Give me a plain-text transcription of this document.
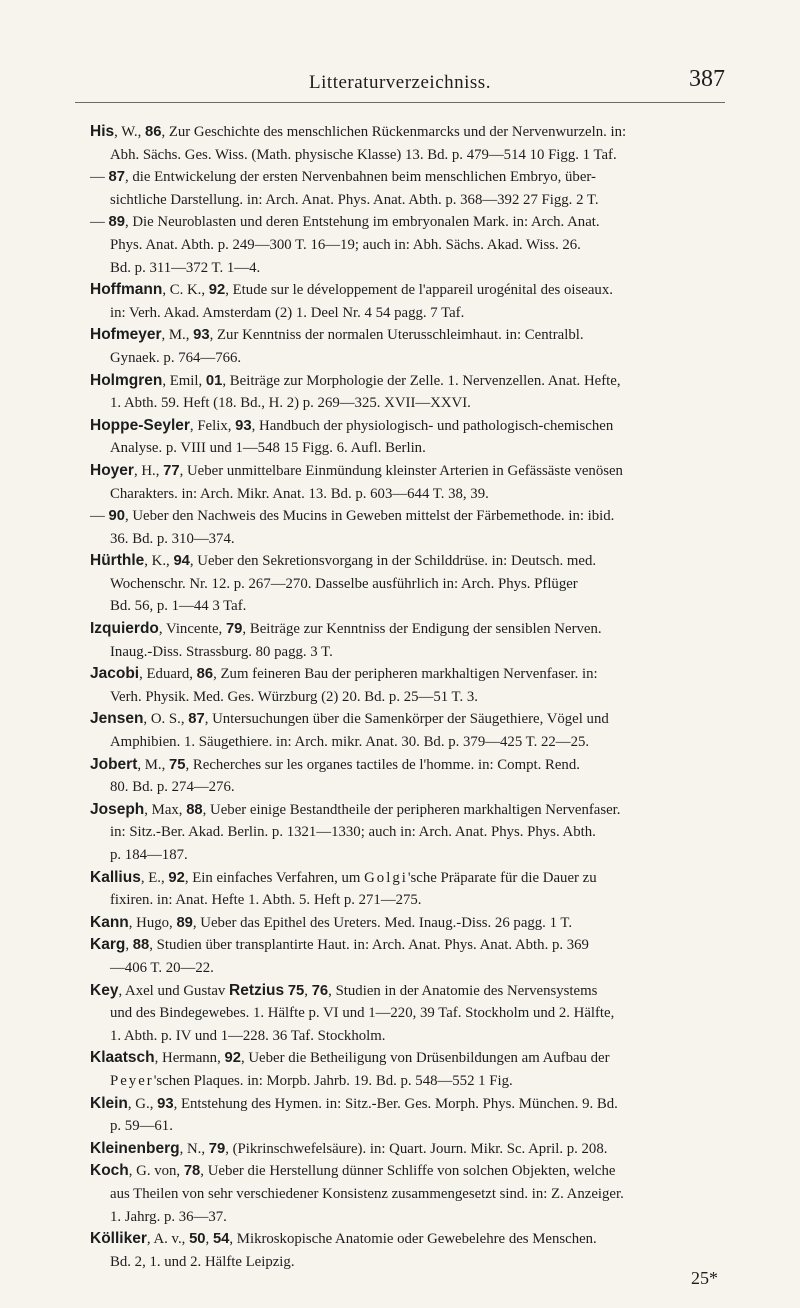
Litteraturverzeichniss.	387
His, W., 86, Zur Geschichte des menschlichen Rückenmarcks und der Nervenwurzeln. in:
Abh. Sächs. Ges. Wiss. (Math. physische Klasse) 13. Bd. p. 479—514 10 Figg. 1 Taf.
— 87, die Entwickelung der ersten Nervenbahnen beim menschlichen Embryo, über-
sichtliche Darstellung. in: Arch. Anat. Phys. Anat. Abth. p. 368—392 27 Figg. 2 T.
— 89, Die Neuroblasten und deren Entstehung im embryonalen Mark. in: Arch. Anat.
Phys. Anat. Abth. p. 249—300 T. 16—19; auch in: Abh. Sächs. Akad. Wiss. 26.
Bd. p. 311—372 T. 1—4.
Hoffmann, C. K., 92, Etude sur le développement de l'appareil urogénital des oiseaux.
in: Verh. Akad. Amsterdam (2) 1. Deel Nr. 4 54 pagg. 7 Taf.
Hofmeyer, M., 93, Zur Kenntniss der normalen Uterusschleimhaut. in: Centralbl.
Gynaek. p. 764—766.
Holmgren, Emil, 01, Beiträge zur Morphologie der Zelle. 1. Nervenzellen. Anat. Hefte,
1. Abth. 59. Heft (18. Bd., H. 2) p. 269—325. XVII—XXVI.
Hoppe-Seyler, Felix, 93, Handbuch der physiologisch- und pathologisch-chemischen
Analyse. p. VIII und 1—548 15 Figg. 6. Aufl. Berlin.
Hoyer, H., 77, Ueber unmittelbare Einmündung kleinster Arterien in Gefässäste venösen
Charakters. in: Arch. Mikr. Anat. 13. Bd. p. 603—644 T. 38, 39.
— 90, Ueber den Nachweis des Mucins in Geweben mittelst der Färbemethode. in: ibid.
36. Bd. p. 310—374.
Hürthle, K., 94, Ueber den Sekretionsvorgang in der Schilddrüse. in: Deutsch. med.
Wochenschr. Nr. 12. p. 267—270. Dasselbe ausführlich in: Arch. Phys. Pflüger
Bd. 56, p. 1—44 3 Taf.
Izquierdo, Vincente, 79, Beiträge zur Kenntniss der Endigung der sensiblen Nerven.
Inaug.-Diss. Strassburg. 80 pagg. 3 T.
Jacobi, Eduard, 86, Zum feineren Bau der peripheren markhaltigen Nervenfaser. in:
Verh. Physik. Med. Ges. Würzburg (2) 20. Bd. p. 25—51 T. 3.
Jensen, O. S., 87, Untersuchungen über die Samenkörper der Säugethiere, Vögel und
Amphibien. 1. Säugethiere. in: Arch. mikr. Anat. 30. Bd. p. 379—425 T. 22—25.
Jobert, M., 75, Recherches sur les organes tactiles de l'homme. in: Compt. Rend.
80. Bd. p. 274—276.
Joseph, Max, 88, Ueber einige Bestandtheile der peripheren markhaltigen Nervenfaser.
in: Sitz.-Ber. Akad. Berlin. p. 1321—1330; auch in: Arch. Anat. Phys. Phys. Abth.
p. 184—187.
Kallius, E., 92, Ein einfaches Verfahren, um Golgi'sche Präparate für die Dauer zu
fixiren. in: Anat. Hefte 1. Abth. 5. Heft p. 271—275.
Kann, Hugo, 89, Ueber das Epithel des Ureters. Med. Inaug.-Diss. 26 pagg. 1 T.
Karg, 88, Studien über transplantirte Haut. in: Arch. Anat. Phys. Anat. Abth. p. 369
—406 T. 20—22.
Key, Axel und Gustav Retzius 75, 76, Studien in der Anatomie des Nervensystems
und des Bindegewebes. 1. Hälfte p. VI und 1—220, 39 Taf. Stockholm und 2. Hälfte,
1. Abth. p. IV und 1—228. 36 Taf. Stockholm.
Klaatsch, Hermann, 92, Ueber die Betheiligung von Drüsenbildungen am Aufbau der
Peyer'schen Plaques. in: Morpb. Jahrb. 19. Bd. p. 548—552 1 Fig.
Klein, G., 93, Entstehung des Hymen. in: Sitz.-Ber. Ges. Morph. Phys. München. 9. Bd.
p. 59—61.
Kleinenberg, N., 79, (Pikrinschwefelsäure). in: Quart. Journ. Mikr. Sc. April. p. 208.
Koch, G. von, 78, Ueber die Herstellung dünner Schliffe von solchen Objekten, welche
aus Theilen von sehr verschiedener Konsistenz zusammengesetzt sind. in: Z. Anzeiger.
1. Jahrg. p. 36—37.
Kölliker, A. v., 50, 54, Mikroskopische Anatomie oder Gewebelehre des Menschen.
Bd. 2, 1. und 2. Hälfte Leipzig.
25*
